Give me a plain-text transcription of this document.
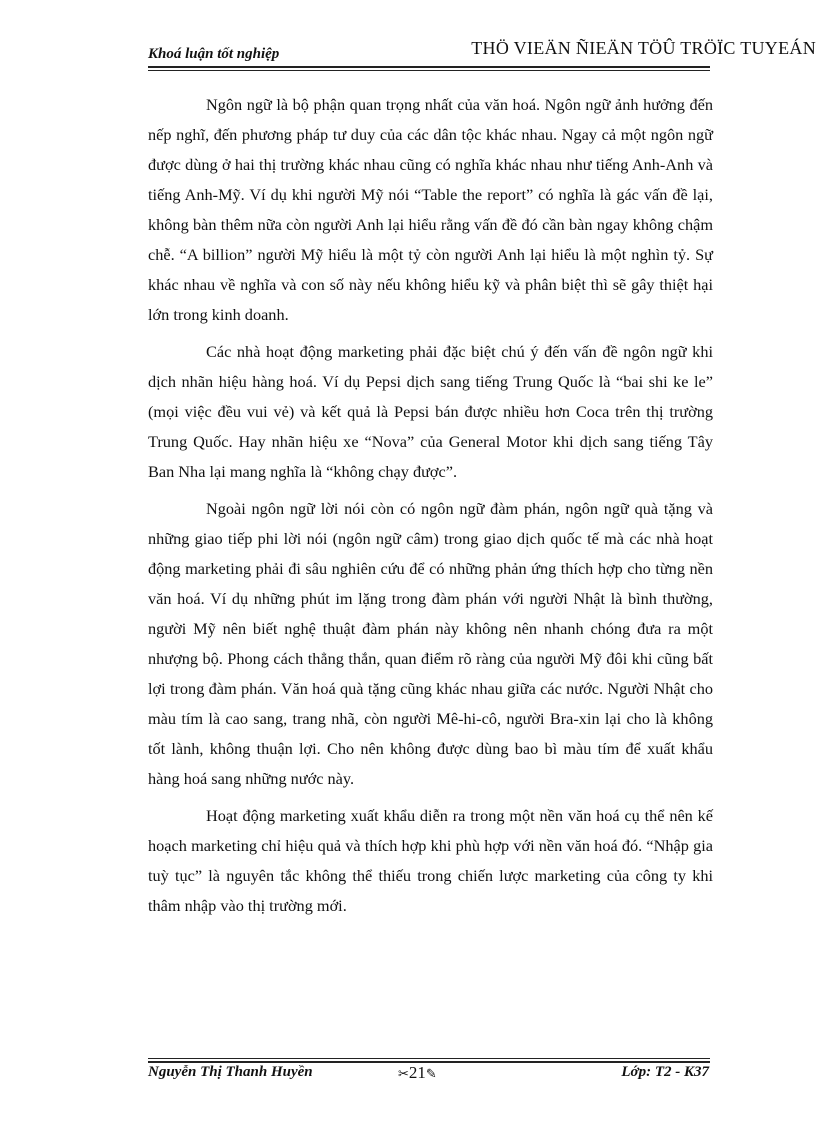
Khoá luận tốt nghiệp	THÖ VIEÄN ÑIEÄN TÖÛ TRÖÏC TUYEÁN

Ngôn ngữ là bộ phận quan trọng nhất của văn hoá. Ngôn ngữ ảnh hưởng đến nếp nghĩ, đến phương pháp tư duy của các dân tộc khác nhau. Ngay cả một ngôn ngữ được dùng ở hai thị trường khác nhau cũng có nghĩa khác nhau như tiếng Anh-Anh và tiếng Anh-Mỹ. Ví dụ khi người Mỹ nói “Table the report” có nghĩa là gác vấn đề lại, không bàn thêm nữa còn người Anh lại hiểu rằng vấn đề đó cần bàn ngay không chậm chễ. “A billion” người Mỹ hiểu là một tỷ còn người Anh lại hiểu là một nghìn tỷ. Sự khác nhau về nghĩa và con số này nếu không hiểu kỹ và phân biệt thì sẽ gây thiệt hại lớn trong kinh doanh.

Các nhà hoạt động marketing phải đặc biệt chú ý đến vấn đề ngôn ngữ khi dịch nhãn hiệu hàng hoá. Ví dụ Pepsi dịch sang tiếng Trung Quốc là “bai shi ke le” (mọi việc đều vui vẻ) và kết quả là Pepsi bán được nhiều hơn Coca trên thị trường Trung Quốc. Hay nhãn hiệu xe “Nova” của General Motor khi dịch sang tiếng Tây Ban Nha lại mang nghĩa là “không chạy được”.

Ngoài ngôn ngữ lời nói còn có ngôn ngữ đàm phán, ngôn ngữ quà tặng và những giao tiếp phi lời nói (ngôn ngữ câm) trong giao dịch quốc tế mà các nhà hoạt động marketing phải đi sâu nghiên cứu để có những phản ứng thích hợp cho từng nền văn hoá. Ví dụ những phút im lặng trong đàm phán với người Nhật là bình thường, người Mỹ nên biết nghệ thuật đàm phán này không nên nhanh chóng đưa ra một nhượng bộ. Phong cách thẳng thắn, quan điểm rõ ràng của người Mỹ đôi khi cũng bất lợi trong đàm phán. Văn hoá quà tặng cũng khác nhau giữa các nước. Người Nhật cho màu tím là cao sang, trang nhã, còn người Mê-hi-cô, người Bra-xin lại cho là không tốt lành, không thuận lợi. Cho nên không được dùng bao bì màu tím để xuất khẩu hàng hoá sang những nước này.

Hoạt động marketing xuất khẩu diễn ra trong một nền văn hoá cụ thể nên kế hoạch marketing chỉ hiệu quả và thích hợp khi phù hợp với nền văn hoá đó. “Nhập gia tuỳ tục” là nguyên tắc không thể thiếu trong chiến lược marketing của công ty khi thâm nhập vào thị trường mới.

Nguyễn Thị Thanh Huyền	✂21✎	Lớp: T2 - K37
